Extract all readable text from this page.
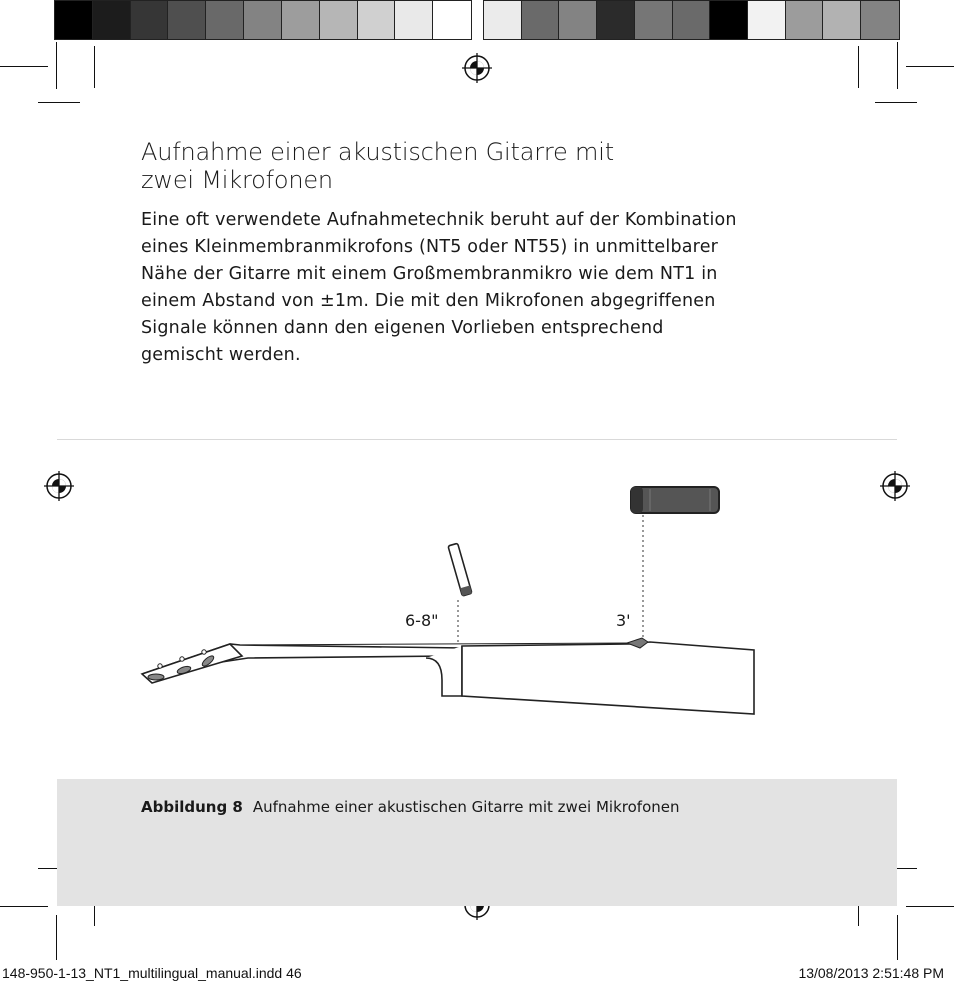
Aufnahme einer akustischen Gitarre mit
zwei Mikrofonen
Eine oft verwendete Aufnahmetechnik beruht auf der Kombination
eines Kleinmembranmikrofons (NT5 oder NT55) in unmittelbarer
Nähe der Gitarre mit einem Großmembranmikro wie dem NT1 in
einem Abstand von ±1m. Die mit den Mikrofonen abgegriffenen
Signale können dann den eigenen Vorlieben entsprechend
gemischt werden.
6-8"	3'
Abbildung 8 Aufnahme einer akustischen Gitarre mit zwei Mikrofonen
148-950-1-13_NT1_multilingual_manual.indd 46	13/08/2013 2:51:48 PM
